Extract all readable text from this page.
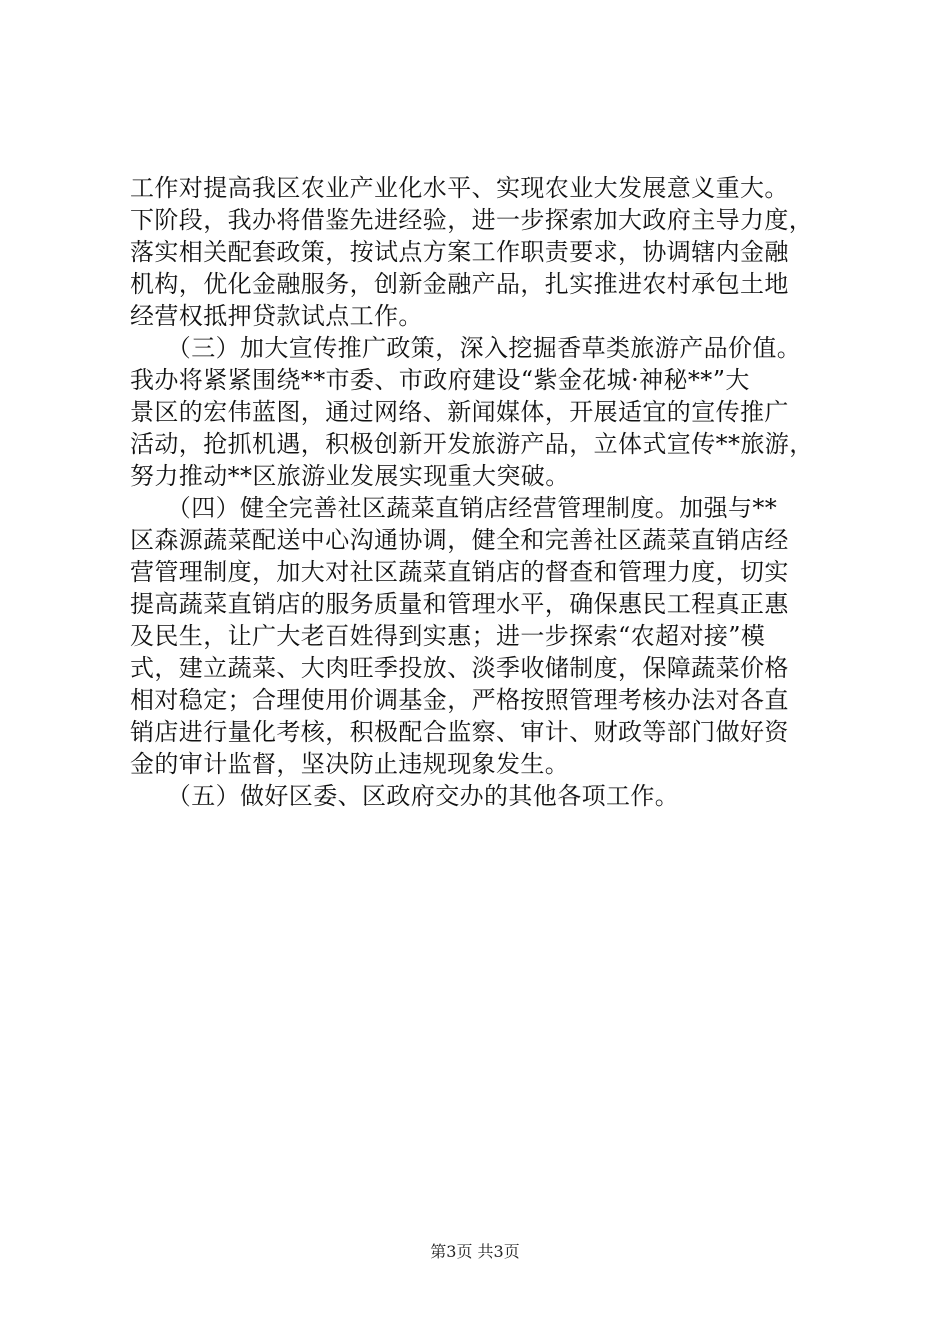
工作对提高我区农业产业化水平、实现农业大发展意义重大。
下阶段，我办将借鉴先进经验，进一步探索加大政府主导力度，
落实相关配套政策，按试点方案工作职责要求，协调辖内金融
机构，优化金融服务，创新金融产品，扎实推进农村承包土地
经营权抵押贷款试点工作。
　　（三）加大宣传推广政策，深入挖掘香草类旅游产品价值。
我办将紧紧围绕**市委、市政府建设“紫金花城·神秘**”大
景区的宏伟蓝图，通过网络、新闻媒体，开展适宜的宣传推广
活动，抢抓机遇，积极创新开发旅游产品，立体式宣传**旅游，
努力推动**区旅游业发展实现重大突破。
　　（四）健全完善社区蔬菜直销店经营管理制度。加强与**
区森源蔬菜配送中心沟通协调，健全和完善社区蔬菜直销店经
营管理制度，加大对社区蔬菜直销店的督查和管理力度，切实
提高蔬菜直销店的服务质量和管理水平，确保惠民工程真正惠
及民生，让广大老百姓得到实惠；进一步探索“农超对接”模
式，建立蔬菜、大肉旺季投放、淡季收储制度，保障蔬菜价格
相对稳定；合理使用价调基金，严格按照管理考核办法对各直
销店进行量化考核，积极配合监察、审计、财政等部门做好资
金的审计监督，坚决防止违规现象发生。
　　（五）做好区委、区政府交办的其他各项工作。
第3页 共3页
